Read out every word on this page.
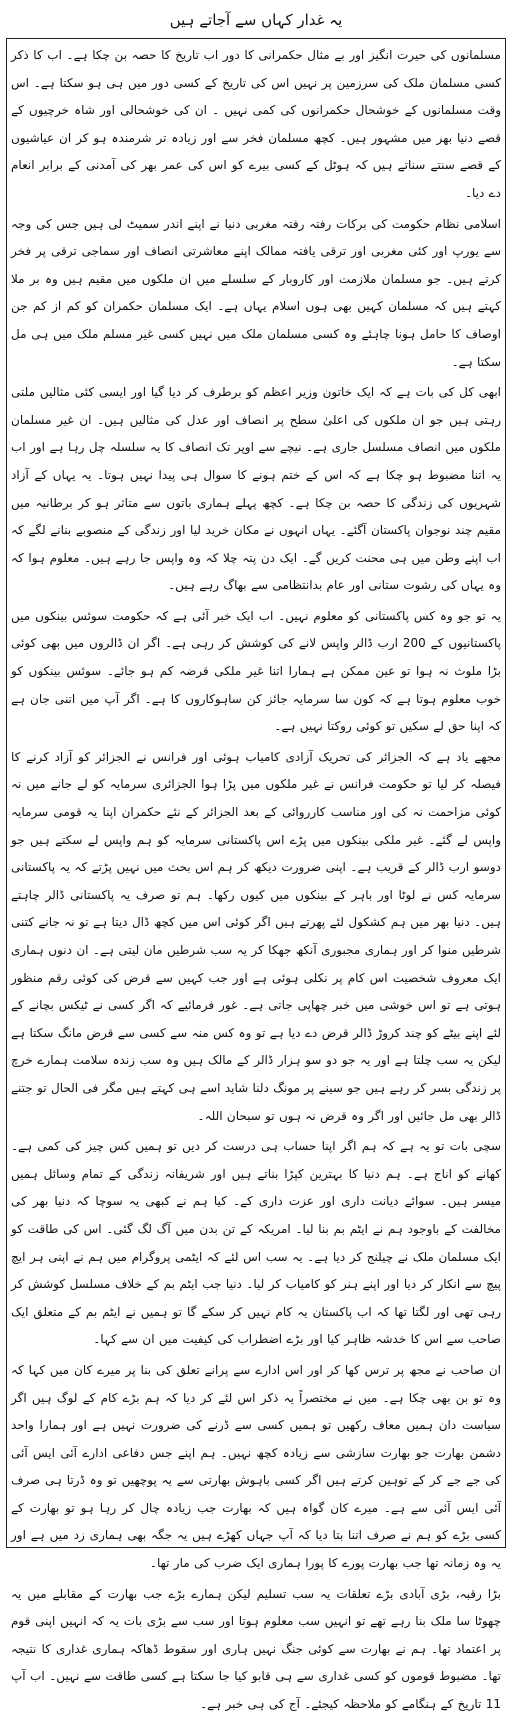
یہ غدار کہاں سے آجاتے ہیں

مسلمانوں کی حیرت انگیز اور بے مثال حکمرانی کا دور اب تاریخ کا حصہ بن چکا ہے۔ اب کا ذکر کسی مسلمان ملک کی سرزمین پر نہیں اس کی تاریخ کے کسی دور میں ہی ہو سکتا ہے۔ اس وقت مسلمانوں کے خوشحال حکمرانوں کی کمی نہیں ۔ ان کی خوشحالی اور شاہ خرچیوں کے قصے دنیا بھر میں مشہور ہیں۔ کچھ مسلمان فخر سے اور زیادہ تر شرمندہ ہو کر ان عیاشیوں کے قصے سنتے سناتے ہیں کہ ہوٹل کے کسی بیرے کو اس کی عمر بھر کی آمدنی کے برابر انعام دے دیا۔

اسلامی نظام حکومت کی برکات رفتہ رفتہ مغربی دنیا نے اپنے اندر سمیٹ لی ہیں جس کی وجہ سے یورپ اور کئی مغربی اور ترقی یافتہ ممالک اپنے معاشرتی انصاف اور سماجی ترقی پر فخر کرتے ہیں۔ جو مسلمان ملازمت اور کاروبار کے سلسلے میں ان ملکوں میں مقیم ہیں وہ بر ملا کہتے ہیں کہ مسلمان کہیں بھی ہوں اسلام یہاں ہے۔ ایک مسلمان حکمران کو کم از کم جن اوصاف کا حامل ہونا چاہئے وہ کسی مسلمان ملک میں نہیں کسی غیر مسلم ملک میں ہی مل سکتا ہے۔

ابھی کل کی بات ہے کہ ایک خاتون وزیر اعظم کو برطرف کر دیا گیا اور ایسی کئی مثالیں ملتی رہتی ہیں جو ان ملکوں کی اعلیٰ سطح پر انصاف اور عدل کی مثالیں ہیں۔ ان غیر مسلمان ملکوں میں انصاف مسلسل جاری ہے۔ نیچے سے اوپر تک انصاف کا یہ سلسلہ چل رہا ہے اور اب یہ اتنا مضبوط ہو چکا ہے کہ اس کے ختم ہونے کا سوال ہی پیدا نہیں ہوتا۔ یہ یہاں کے آزاد شہریوں کی زندگی کا حصہ بن چکا ہے۔ کچھ پہلے ہماری باتوں سے متاثر ہو کر برطانیہ میں مقیم چند نوجوان پاکستان آگئے۔ یہاں انہوں نے مکان خرید لیا اور زندگی کے منصوبے بنانے لگے کہ اب اپنے وطن میں ہی محنت کریں گے۔ ایک دن پتہ چلا کہ وہ واپس جا رہے ہیں۔ معلوم ہوا کہ وہ یہاں کی رشوت ستانی اور عام بدانتظامی سے بھاگ رہے ہیں۔

یہ تو جو وہ کس پاکستانی کو معلوم نہیں۔ اب ایک خبر آئی ہے کہ حکومت سوئس بینکوں میں پاکستانیوں کے 200 ارب ڈالر واپس لانے کی کوشش کر رہی ہے۔ اگر ان ڈالروں میں بھی کوئی بڑا ملوث نہ ہوا تو عین ممکن ہے ہمارا اتنا غیر ملکی قرضہ کم ہو جائے۔ سوئس بینکوں کو خوب معلوم ہوتا ہے کہ کون سا سرمایہ جائز کن ساہوکاروں کا ہے۔ اگر آپ میں اتنی جان ہے کہ اپنا حق لے سکیں تو کوئی روکتا نہیں ہے۔

مجھے یاد ہے کہ الجزائر کی تحریک آزادی کامیاب ہوئی اور فرانس نے الجزائر کو آزاد کرنے کا فیصلہ کر لیا تو حکومت فرانس نے غیر ملکوں میں پڑا ہوا الجزائری سرمایہ کو لے جانے میں نہ کوئی مزاحمت نہ کی اور مناسب کارروائی کے بعد الجزائر کے نئے حکمران اپنا یہ قومی سرمایہ واپس لے گئے۔ غیر ملکی بینکوں میں پڑے اس پاکستانی سرمایہ کو ہم واپس لے سکتے ہیں جو دوسو ارب ڈالر کے قریب ہے۔ اپنی ضرورت دیکھ کر ہم اس بحث میں نہیں پڑتے کہ یہ پاکستانی سرمایہ کس نے لوٹا اور باہر کے بینکوں میں کیوں رکھا۔ ہم تو صرف یہ پاکستانی ڈالر چاہتے ہیں۔ دنیا بھر میں ہم کشکول لئے پھرتے ہیں اگر کوئی اس میں کچھ ڈال دیتا ہے تو نہ جانے کتنی شرطیں منوا کر اور ہماری مجبوری آنکھ جھکا کر یہ سب شرطیں مان لیتی ہے۔ ان دنوں ہماری ایک معروف شخصیت اس کام پر نکلی ہوئی ہے اور جب کہیں سے قرض کی کوئی رقم منظور ہوتی ہے تو اس خوشی میں خبر چھاپی جاتی ہے۔ غور فرمائیے کہ اگر کسی نے ٹیکس بچانے کے لئے اپنے بیٹے کو چند کروڑ ڈالر قرض دے دیا ہے تو وہ کس منہ سے کسی سے قرض مانگ سکتا ہے لیکن یہ سب چلتا ہے اور یہ جو دو سو ہزار ڈالر کے مالک ہیں وہ سب زندہ سلامت ہمارے خرچ پر زندگی بسر کر رہے ہیں جو سینے پر مونگ دلنا شاید اسے ہی کہتے ہیں مگر فی الحال تو جتنے ڈالر بھی مل جائیں اور اگر وہ قرض نہ ہوں تو سبحان اللہ۔

سچی بات تو یہ ہے کہ ہم اگر اپنا حساب ہی درست کر دیں تو ہمیں کس چیز کی کمی ہے۔ کھانے کو اناج ہے۔ ہم دنیا کا بہترین کپڑا بناتے ہیں اور شریفانہ زندگی کے تمام وسائل ہمیں میسر ہیں۔ سوائے دیانت داری اور عزت داری کے۔ کیا ہم نے کبھی یہ سوچا کہ دنیا بھر کی مخالفت کے باوجود ہم نے ایٹم بم بنا لیا۔ امریکہ کے تن بدن میں آگ لگ گئی۔ اس کی طاقت کو ایک مسلمان ملک نے چیلنج کر دیا ہے۔ یہ سب اس لئے کہ ایٹمی پروگرام میں ہم نے اپنی ہر ایچ پیچ سے انکار کر دیا اور اپنے ہنر کو کامیاب کر لیا۔ دنیا جب ایٹم بم کے خلاف مسلسل کوشش کر رہی تھی اور لگتا تھا کہ اب پاکستان یہ کام نہیں کر سکے گا تو ہمیں نے ایٹم بم کے متعلق ایک صاحب سے اس کا خدشہ ظاہر کیا اور بڑے اضطراب کی کیفیت میں ان سے کہا۔

ان صاحب نے مجھ پر ترس کھا کر اور اس ادارے سے پرانے تعلق کی بنا پر میرے کان میں کہا کہ وہ تو بن بھی چکا ہے۔ میں نے مختصراً یہ ذکر اس لئے کر دیا کہ ہم بڑے کام کے لوگ ہیں اگر سیاست دان ہمیں معاف رکھیں تو ہمیں کسی سے ڈرنے کی ضرورت نہیں ہے اور ہمارا واحد دشمن بھارت جو بھارت سازشی سے زیادہ کچھ نہیں۔ ہم اپنے جس دفاعی ادارے آئی ایس آئی کی جے جے کر کے توہین کرتے ہیں اگر کسی باہوش بھارتی سے یہ پوچھیں تو وہ ڈرتا ہی صرف آئی ایس آئی سے ہے۔ میرے کان گواہ ہیں کہ بھارت جب زیادہ چال کر رہا ہو تو بھارت کے کسی بڑے کو ہم نے صرف اتنا بتا دیا کہ آپ جہاں کھڑے ہیں یہ جگہ بھی ہماری زد میں ہے اور یہ وہ زمانہ تھا جب بھارت پورے کا پورا ہماری ایک ضرب کی مار تھا۔

بڑا رقبہ، بڑی آبادی بڑے تعلقات یہ سب تسلیم لیکن ہمارے بڑے جب بھارت کے مقابلے میں یہ چھوٹا سا ملک بنا رہے تھے تو انہیں سب معلوم ہوتا اور سب سے بڑی بات یہ کہ انہیں اپنی قوم پر اعتماد تھا۔ ہم نے بھارت سے کوئی جنگ نہیں ہاری اور سقوط ڈھاکہ ہماری غداری کا نتیجہ تھا۔ مضبوط قوموں کو کسی غداری سے ہی قابو کیا جا سکتا ہے کسی طاقت سے نہیں۔ اب آپ 11 تاریخ کے ہنگامے کو ملاحظہ کیجئے۔ آج کی ہی خبر ہے۔
